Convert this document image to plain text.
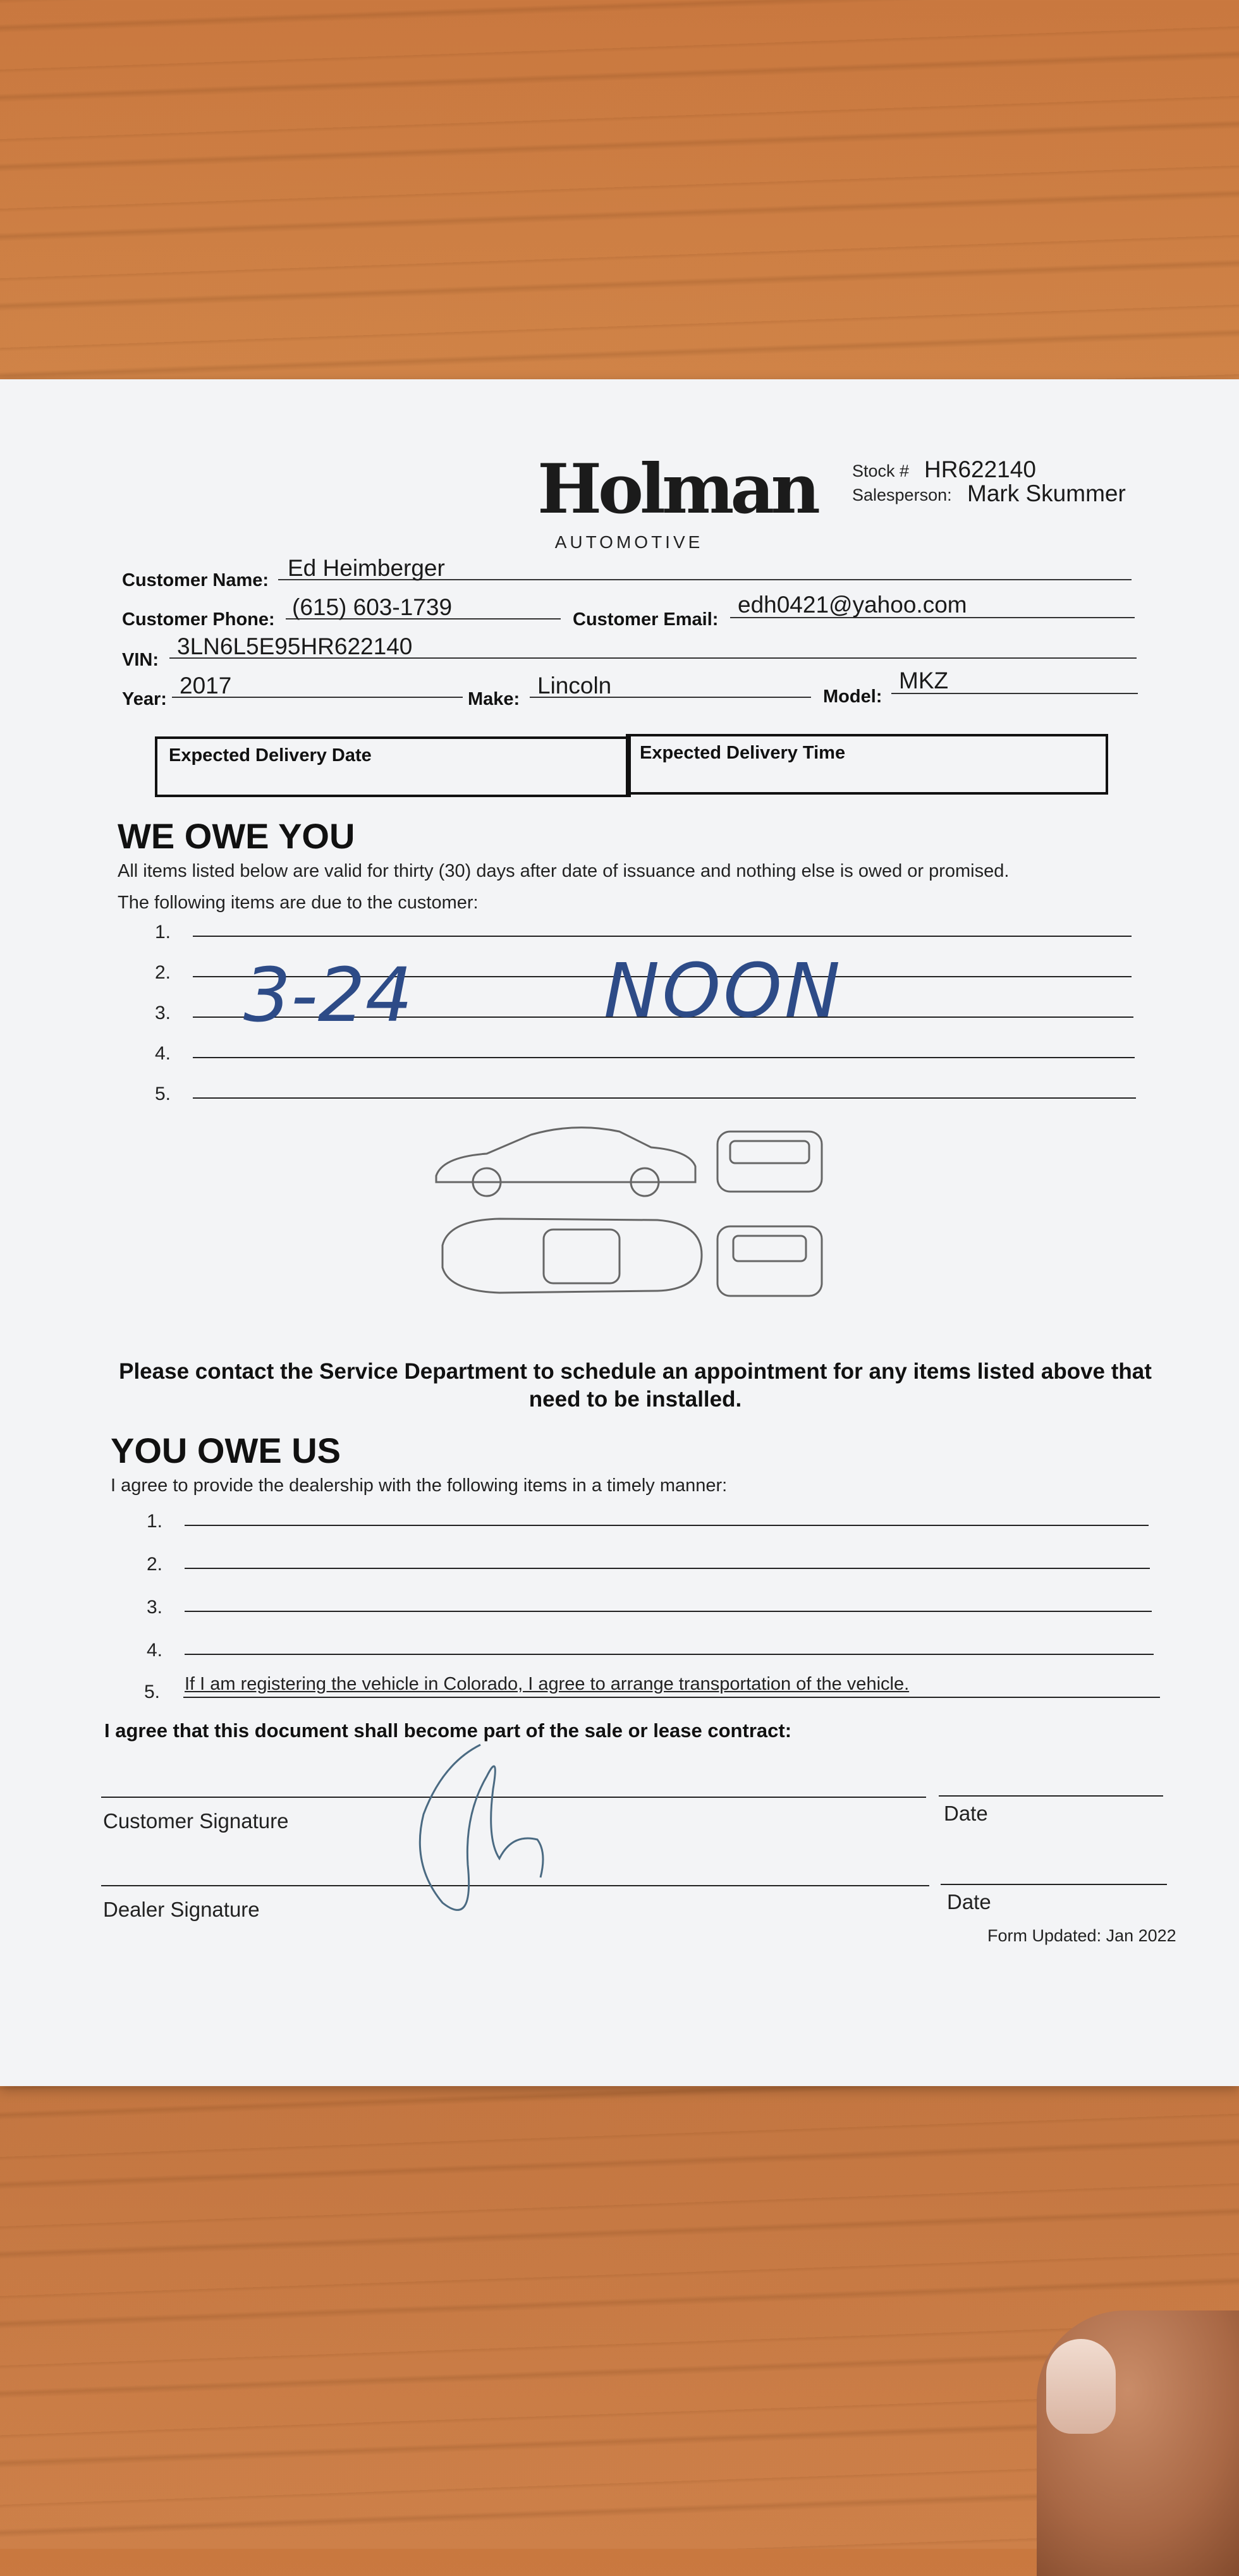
Holman
AUTOMOTIVE
Stock # HR622140
Salesperson: Mark Skummer
Customer Name: Ed Heimberger
Customer Phone: (615) 603-1739	Customer Email:
edh0421@yahoo.com
VIN:
3LN6L5E95HR622140
Year:
2017
Make:
Lincoln	Model:
MKZ
Expected Delivery Date	Expected Delivery Time
WE OWE YOU
All items listed below are valid for thirty (30) days after date of issuance and nothing else is owed or promised.
The following items are due to the customer:
1.
2.
3.
4.
5.
3-24	NOON
Please contact the Service Department to schedule an appointment for any items listed above that
need to be installed.
YOU OWE US
I agree to provide the dealership with the following items in a timely manner:
1.
2.
3.
4.
5. If I am registering the vehicle in Colorado, I agree to arrange transportation of the vehicle.
I agree that this document shall become part of the sale or lease contract:
Customer Signature	Date
Dealer Signature	Date
Form Updated: Jan 2022
